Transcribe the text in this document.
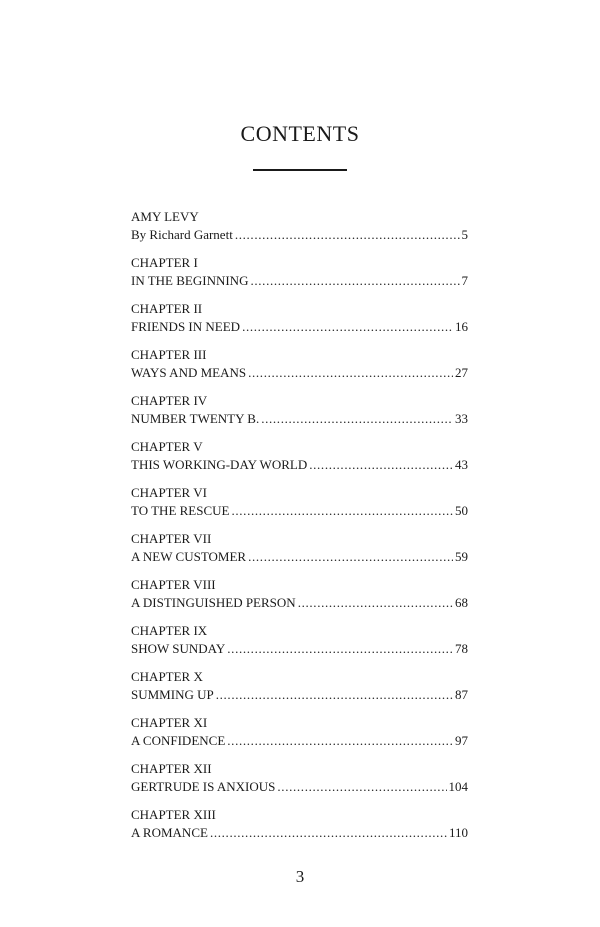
CONTENTS
AMY LEVY
By Richard Garnett . . .	5
CHAPTER I
IN THE BEGINNING . . .	7
CHAPTER II
FRIENDS IN NEED . . .	16
CHAPTER III
WAYS AND MEANS . . .	27
CHAPTER IV
NUMBER TWENTY B. . . .	33
CHAPTER V
THIS WORKING-DAY WORLD . . .	43
CHAPTER VI
TO THE RESCUE . . .	50
CHAPTER VII
A NEW CUSTOMER . . .	59
CHAPTER VIII
A DISTINGUISHED PERSON . . .	68
CHAPTER IX
SHOW SUNDAY . . .	78
CHAPTER X
SUMMING UP . . .	87
CHAPTER XI
A CONFIDENCE . . .	97
CHAPTER XII
GERTRUDE IS ANXIOUS . . .	104
CHAPTER XIII
A ROMANCE . . .	110
3
